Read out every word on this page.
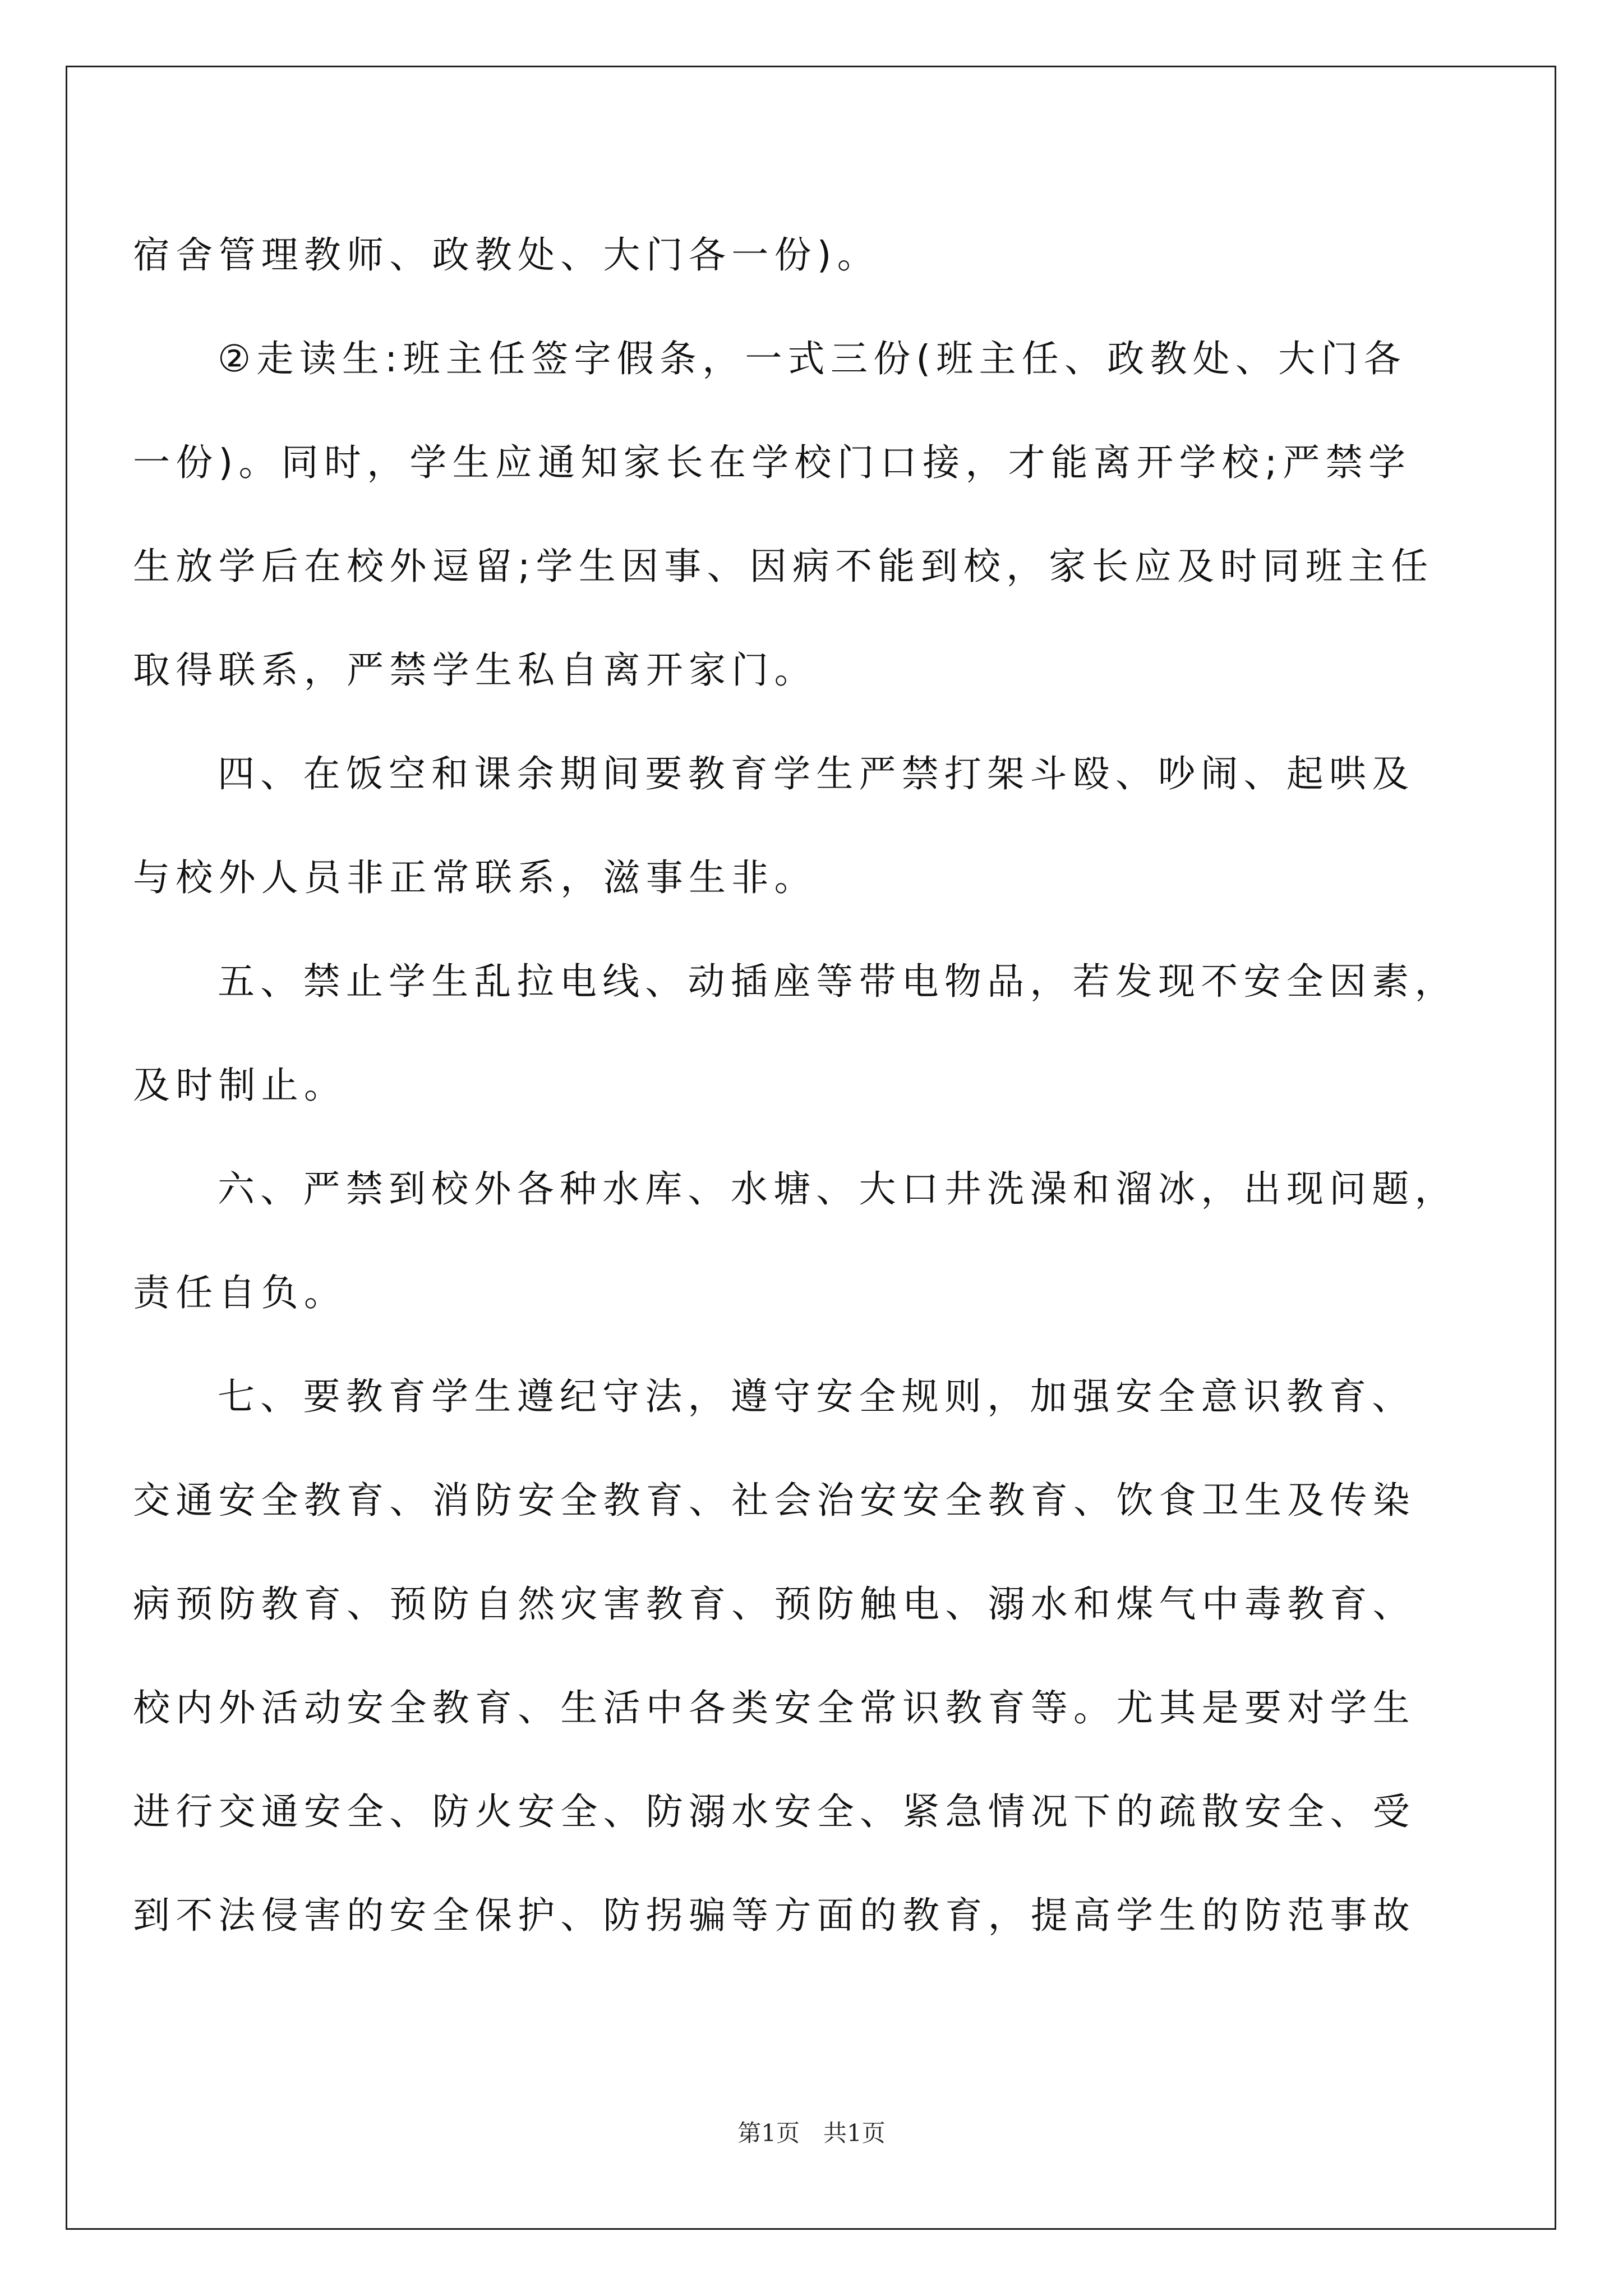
宿舍管理教师、政教处、大门各一份)。
②走读生:班主任签字假条，一式三份(班主任、政教处、大门各
一份)。同时，学生应通知家长在学校门口接，才能离开学校;严禁学
生放学后在校外逗留;学生因事、因病不能到校，家长应及时同班主任
取得联系，严禁学生私自离开家门。
四、在饭空和课余期间要教育学生严禁打架斗殴、吵闹、起哄及
与校外人员非正常联系，滋事生非。
五、禁止学生乱拉电线、动插座等带电物品，若发现不安全因素，
及时制止。
六、严禁到校外各种水库、水塘、大口井洗澡和溜冰，出现问题，
责任自负。
七、要教育学生遵纪守法，遵守安全规则，加强安全意识教育、
交通安全教育、消防安全教育、社会治安安全教育、饮食卫生及传染
病预防教育、预防自然灾害教育、预防触电、溺水和煤气中毒教育、
校内外活动安全教育、生活中各类安全常识教育等。尤其是要对学生
进行交通安全、防火安全、防溺水安全、紧急情况下的疏散安全、受
到不法侵害的安全保护、防拐骗等方面的教育，提高学生的防范事故
第1页　共1页
